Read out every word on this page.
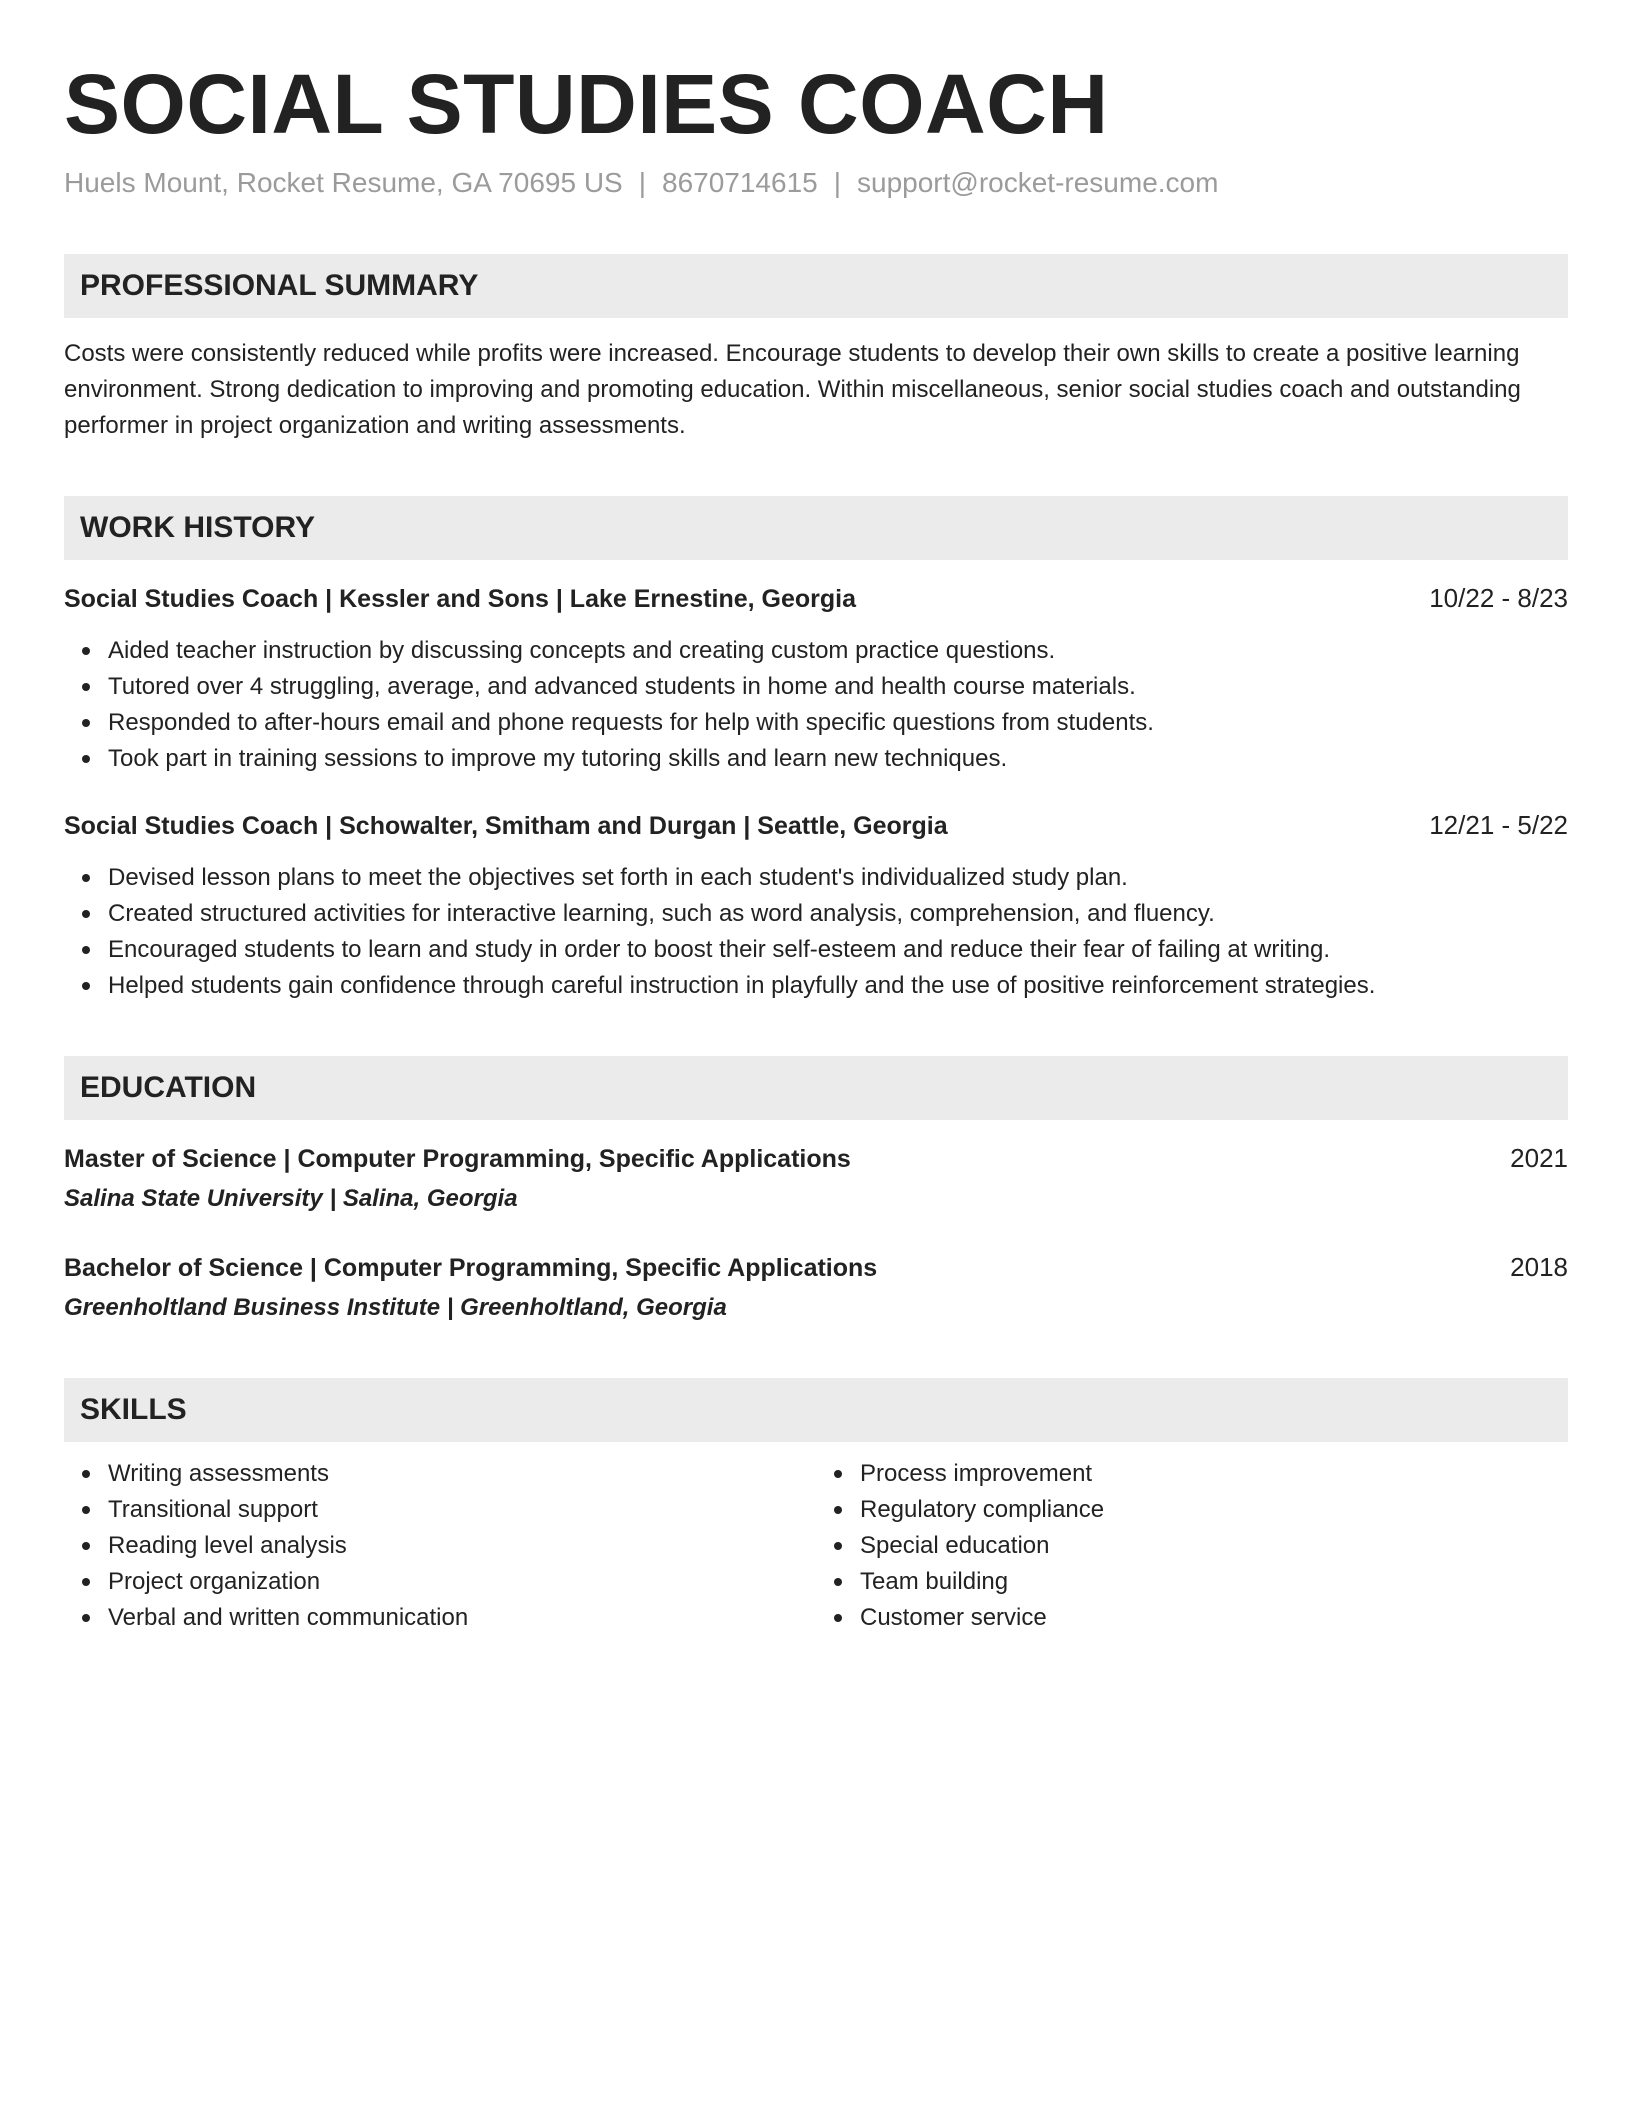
SOCIAL STUDIES COACH
Huels Mount, Rocket Resume, GA 70695 US | 8670714615 | support@rocket-resume.com
PROFESSIONAL SUMMARY
Costs were consistently reduced while profits were increased. Encourage students to develop their own skills to create a positive learning environment. Strong dedication to improving and promoting education. Within miscellaneous, senior social studies coach and outstanding performer in project organization and writing assessments.
WORK HISTORY
Social Studies Coach | Kessler and Sons | Lake Ernestine, Georgia	10/22 - 8/23
Aided teacher instruction by discussing concepts and creating custom practice questions.
Tutored over 4 struggling, average, and advanced students in home and health course materials.
Responded to after-hours email and phone requests for help with specific questions from students.
Took part in training sessions to improve my tutoring skills and learn new techniques.
Social Studies Coach | Schowalter, Smitham and Durgan | Seattle, Georgia	12/21 - 5/22
Devised lesson plans to meet the objectives set forth in each student's individualized study plan.
Created structured activities for interactive learning, such as word analysis, comprehension, and fluency.
Encouraged students to learn and study in order to boost their self-esteem and reduce their fear of failing at writing.
Helped students gain confidence through careful instruction in playfully and the use of positive reinforcement strategies.
EDUCATION
Master of Science | Computer Programming, Specific Applications	2021
Salina State University | Salina, Georgia
Bachelor of Science | Computer Programming, Specific Applications	2018
Greenholtland Business Institute | Greenholtland, Georgia
SKILLS
Writing assessments
Transitional support
Reading level analysis
Project organization
Verbal and written communication
Process improvement
Regulatory compliance
Special education
Team building
Customer service
